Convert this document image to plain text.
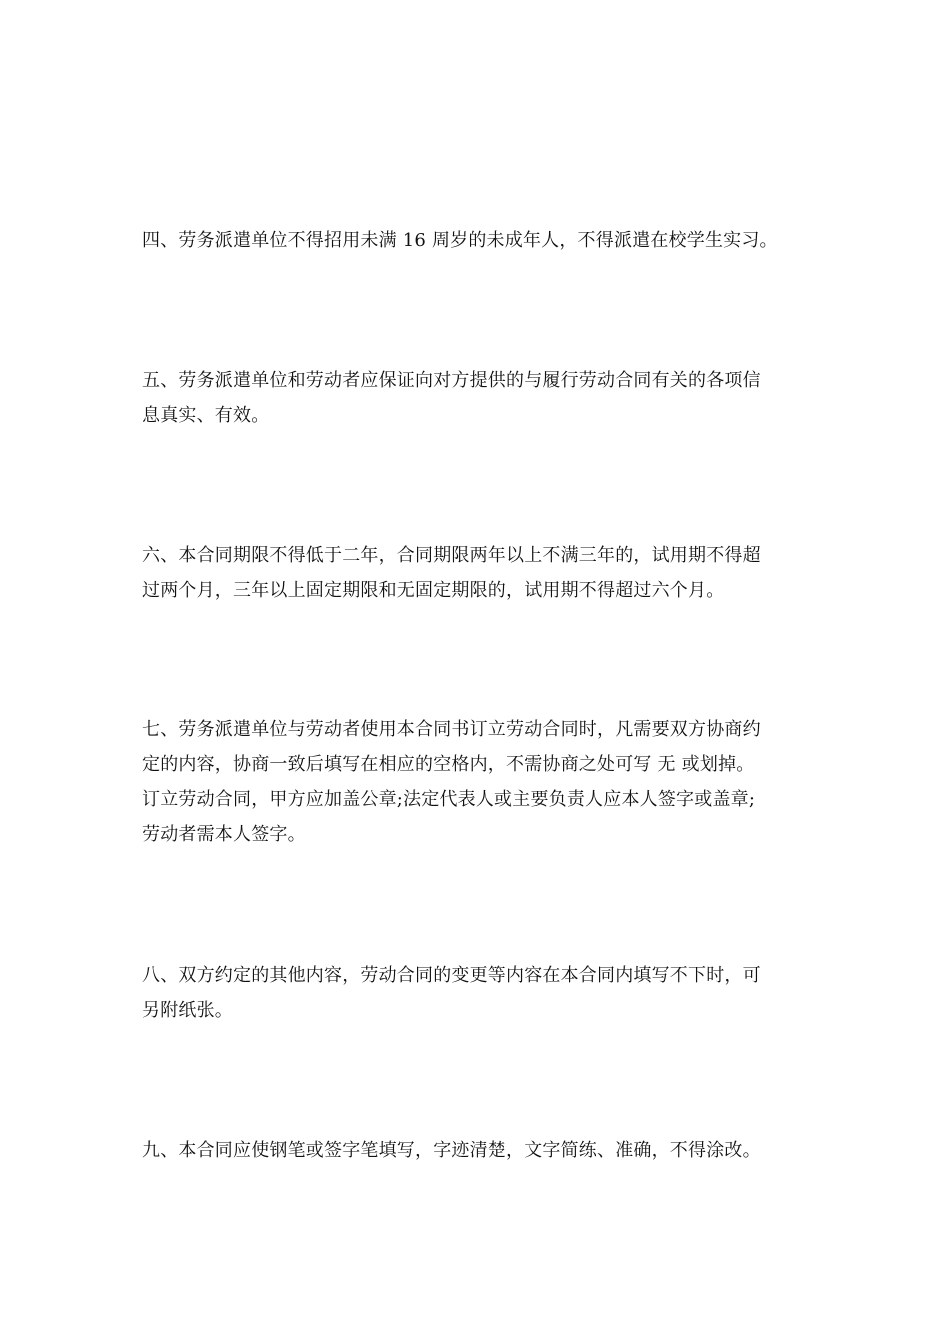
四、劳务派遣单位不得招用未满 16 周岁的未成年人，不得派遣在校学生实习。

五、劳务派遣单位和劳动者应保证向对方提供的与履行劳动合同有关的各项信
息真实、有效。

六、本合同期限不得低于二年，合同期限两年以上不满三年的，试用期不得超
过两个月，三年以上固定期限和无固定期限的，试用期不得超过六个月。

七、劳务派遣单位与劳动者使用本合同书订立劳动合同时，凡需要双方协商约
定的内容，协商一致后填写在相应的空格内，不需协商之处可写 无 或划掉。
订立劳动合同，甲方应加盖公章;法定代表人或主要负责人应本人签字或盖章;
劳动者需本人签字。

八、双方约定的其他内容，劳动合同的变更等内容在本合同内填写不下时，可
另附纸张。

九、本合同应使钢笔或签字笔填写，字迹清楚，文字简练、准确，不得涂改。
